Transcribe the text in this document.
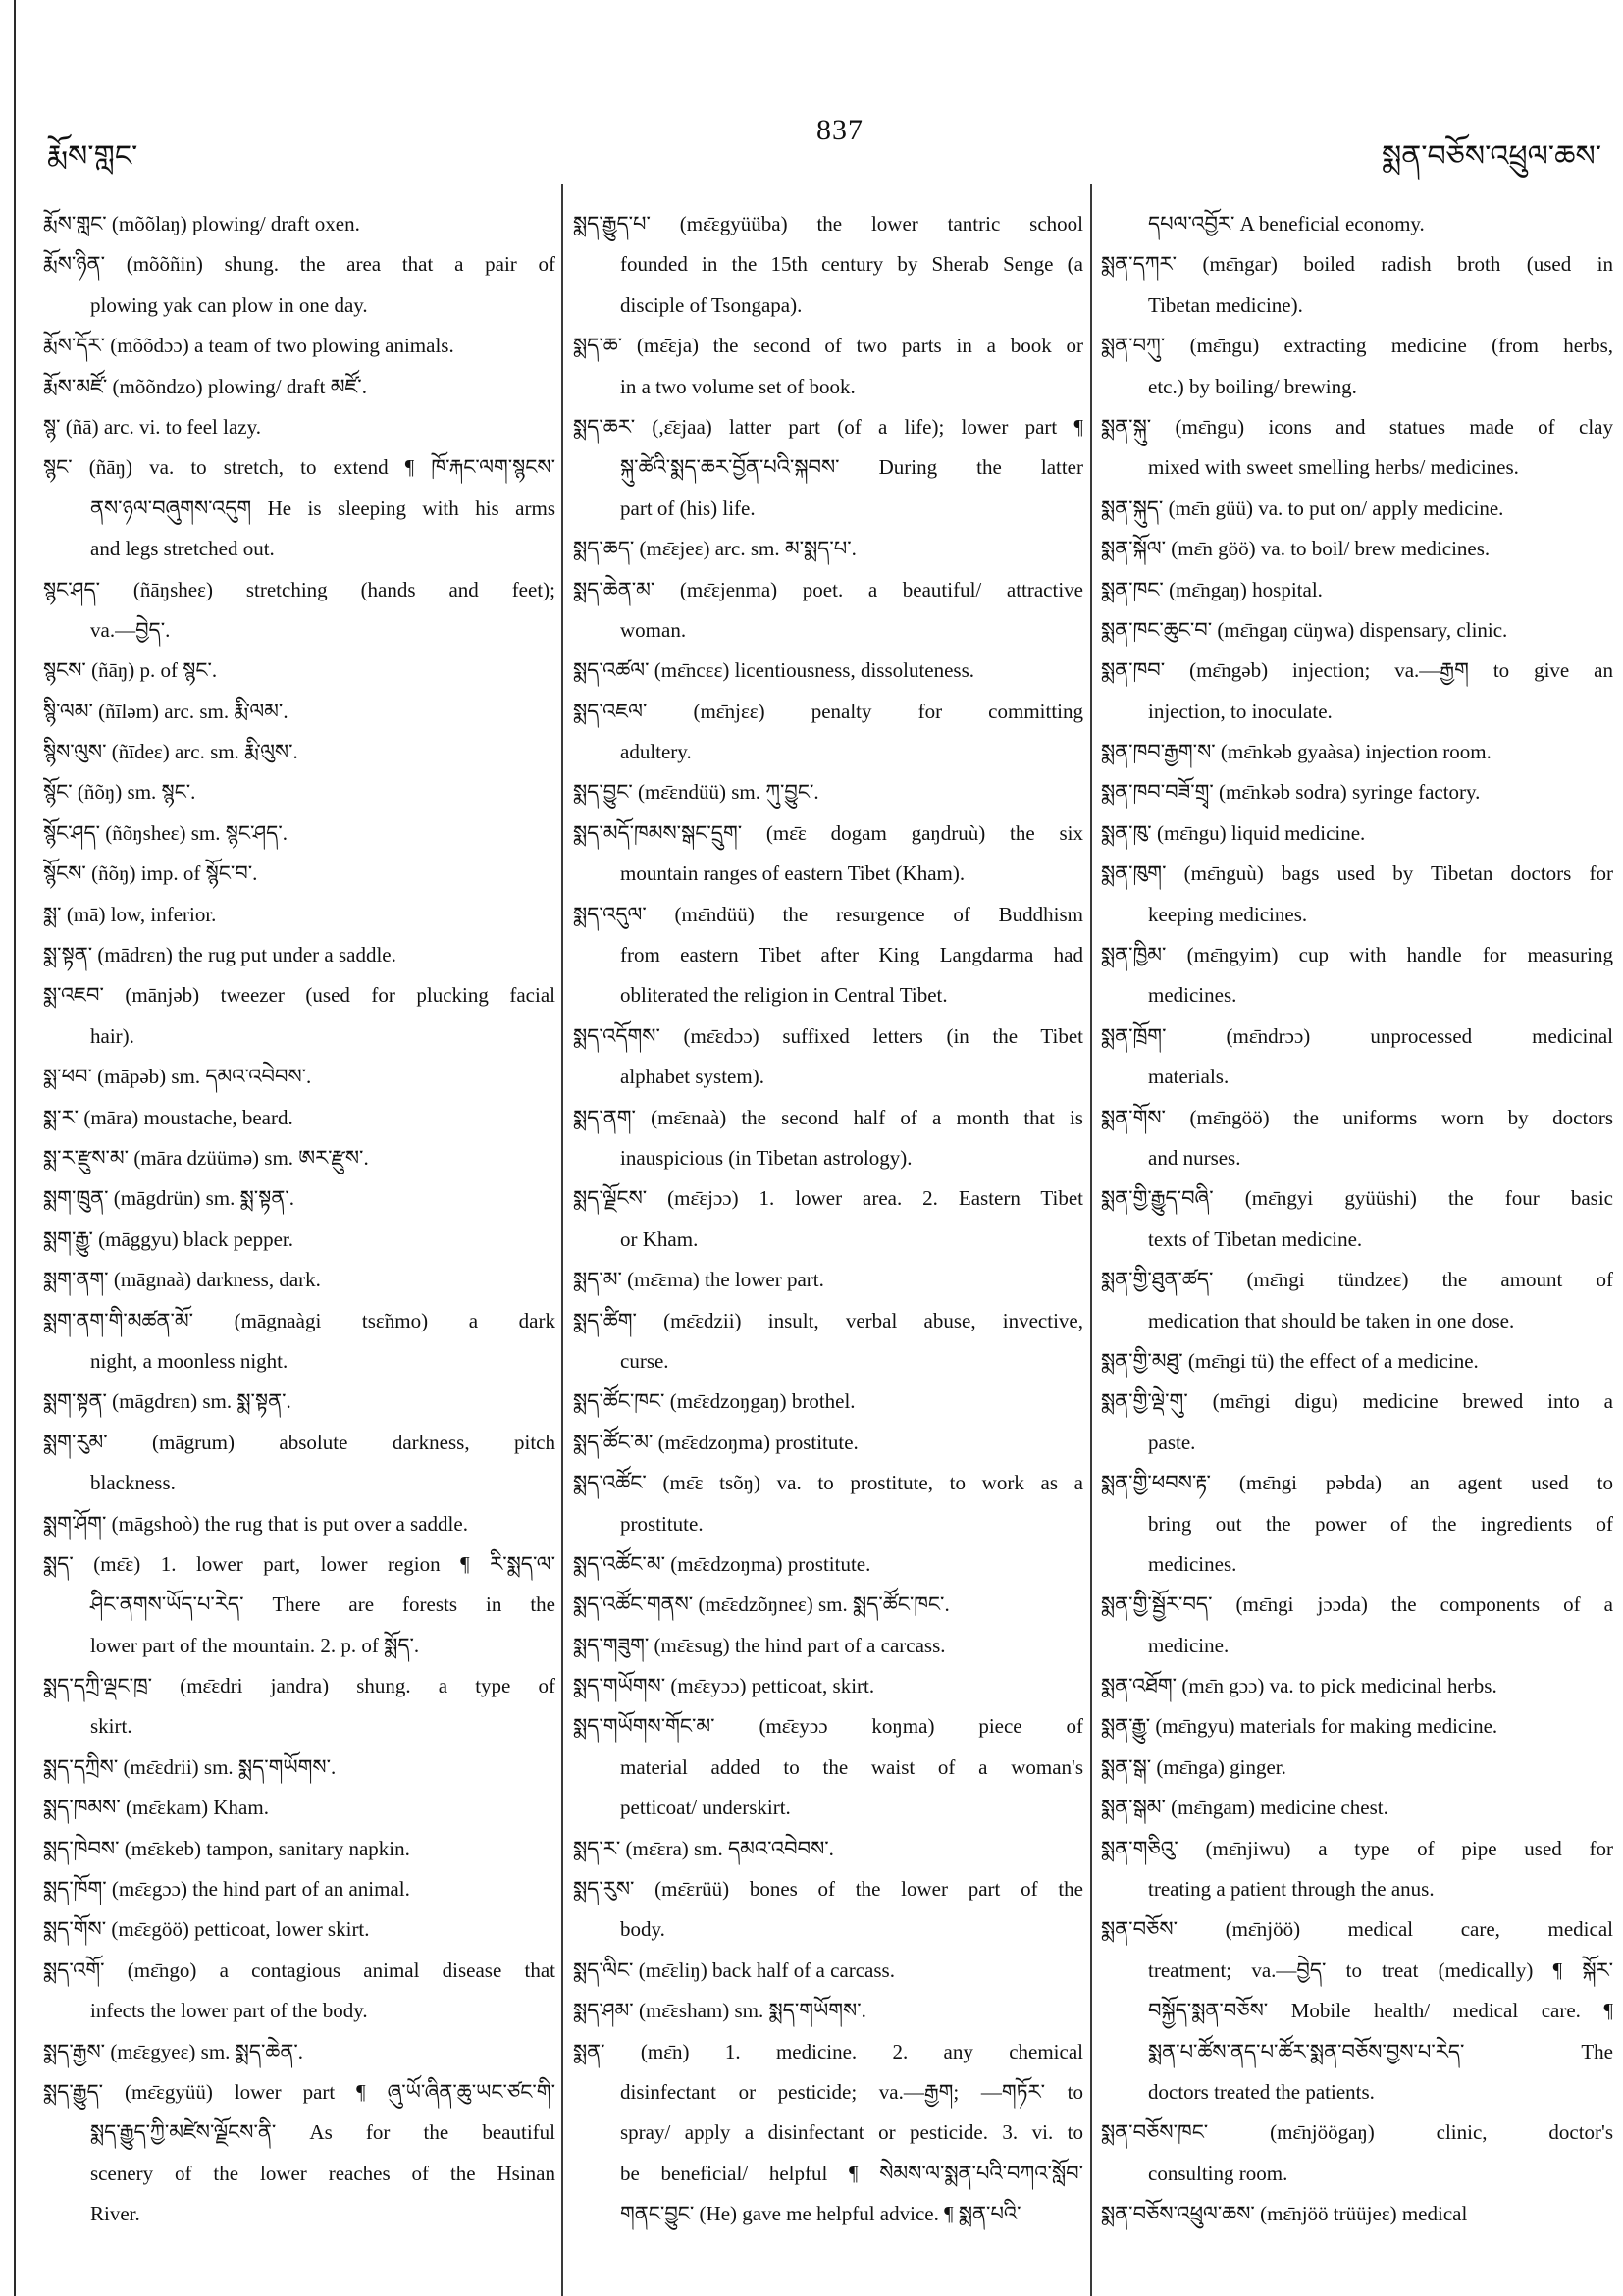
རྨོས་གླང་
837
སྨན་བཅོས་འཕྲུལ་ཆས་
རྨོས་གླང་ (mõõlaŋ) plowing/ draft oxen.
རྨོས་ཉིན་ (mõõñin) shung. the area that a pair of
plowing yak can plow in one day.
རྨོས་དོར་ (mõõdɔɔ) a team of two plowing animals.
རྨོས་མཛོ་ (mõõndzo) plowing/ draft མཛོ་.
སྙ་ (ñā) arc. vi. to feel lazy.
སྙང་ (ñāŋ) va. to stretch, to extend ¶ ཁོ་རྐང་ལག་སྙངས་
ནས་ཉལ་བཞུགས་འདུག He is sleeping with his arms
and legs stretched out.
སྙང་ཤད་ (ñāŋsheɛ) stretching (hands and feet);
va.—བྱེད་.
སྙངས་ (ñāŋ) p. of སྙང་.
སྙི་ལམ་ (ñīləm) arc. sm. རྨི་ལམ་.
སྙིས་ལུས་ (ñīdeɛ) arc. sm. རྨི་ལུས་.
སྙོང་ (ñõŋ) sm. སྙང་.
སྙོང་ཤད་ (ñõŋsheɛ) sm. སྙང་ཤད་.
སྙོངས་ (ñõŋ) imp. of སྙོང་བ་.
སྨ་ (mā) low, inferior.
སྨ་སྟན་ (mādrɛn) the rug put under a saddle.
སྨ་འཇབ་ (mānjəb) tweezer (used for plucking facial
hair).
སྨ་ཕབ་ (māpəb) sm. དམའ་འབེབས་.
སྨ་ར་ (māra) moustache, beard.
སྨ་ར་རྫུས་མ་ (māra dzüümə) sm. ཨར་རྫུས་.
སྨག་ཁྲུན་ (māgdrün) sm. སྨ་སྟན་.
སྨག་རྒྱུ་ (māggyu) black pepper.
སྨག་ནག་ (māgnaà) darkness, dark.
སྨག་ནག་གི་མཚན་མོ་ (māgnaàgi tsɛ̃nmo) a dark
night, a moonless night.
སྨག་སྟན་ (māgdrɛn) sm. སྨ་སྟན་.
སྨག་རུམ་ (māgrum) absolute darkness, pitch
blackness.
སྨག་ཤོག་ (māgshoò) the rug that is put over a saddle.
སྨད་ (mɛ̄ɛ) 1. lower part, lower region ¶ རི་སྨད་ལ་
ཤིང་ནགས་ཡོད་པ་རེད་ There are forests in the
lower part of the mountain. 2. p. of སྨོད་.
སྨད་དཀྲི་ལྡང་ཁྲ་ (mɛ̄ɛdri jandra) shung. a type of
skirt.
སྨད་དཀྲིས་ (mɛ̄ɛdrii) sm. སྨད་གཡོགས་.
སྨད་ཁམས་ (mɛ̄ɛkam) Kham.
སྨད་ཁེབས་ (mɛ̄ɛkeb) tampon, sanitary napkin.
སྨད་ཁོག་ (mɛ̄ɛgɔɔ) the hind part of an animal.
སྨད་གོས་ (mɛ̄ɛgöö) petticoat, lower skirt.
སྨད་འགོ་ (mɛ̄ngo) a contagious animal disease that
infects the lower part of the body.
སྨད་རྒྱས་ (mɛ̄ɛgyeɛ) sm. སྨད་ཆེན་.
སྨད་རྒྱུད་ (mɛ̄ɛgyüü) lower part ¶ ཞུ་ཡོ་ཞིན་ཆུ་ཡང་ཙང་གི་
སྨད་རྒྱུད་ཀྱི་མཛེས་ལྗོངས་ནི་ As for the beautiful
scenery of the lower reaches of the Hsinan
River.
སྨད་རྒྱུད་པ་ (mɛ̄ɛgyüüba) the lower tantric school
founded in the 15th century by Sherab Senge (a
disciple of Tsongapa).
སྨད་ཆ་ (mɛ̄ɛja) the second of two parts in a book or
in a two volume set of book.
སྨད་ཆར་ (,ɛ̄ɛjaa) latter part (of a life); lower part ¶
སྐུ་ཚེའི་སྨད་ཆར་བྱོན་པའི་སྐབས་ During the latter
part of (his) life.
སྨད་ཆད་ (mɛ̄ɛjeɛ) arc. sm. མ་སྨད་པ་.
སྨད་ཆེན་མ་ (mɛ̄ɛjenma) poet. a beautiful/ attractive
woman.
སྨད་འཚལ་ (mɛ̄ncɛɛ) licentiousness, dissoluteness.
སྨད་འཇལ་ (mɛ̄njɛɛ) penalty for committing
adultery.
སྨད་བྱུང་ (mɛ̄ɛndüü) sm. ཀུ་བྱུང་.
སྨད་མདོ་ཁམས་སྒང་དྲུག་ (mɛ̄ɛ dogam gaŋdruù) the six
mountain ranges of eastern Tibet (Kham).
སྨད་འདུལ་ (mɛ̄ndüü) the resurgence of Buddhism
from eastern Tibet after King Langdarma had
obliterated the religion in Central Tibet.
སྨད་འདོགས་ (mɛ̄ɛdɔɔ) suffixed letters (in the Tibet
alphabet system).
སྨད་ནག་ (mɛ̄ɛnaà) the second half of a month that is
inauspicious (in Tibetan astrology).
སྨད་ལྗོངས་ (mɛ̄ɛjɔɔ) 1. lower area. 2. Eastern Tibet
or Kham.
སྨད་མ་ (mɛ̄ɛma) the lower part.
སྨད་ཚིག་ (mɛ̄ɛdzii) insult, verbal abuse, invective,
curse.
སྨད་ཚོང་ཁང་ (mɛ̄ɛdzoŋgaŋ) brothel.
སྨད་ཚོང་མ་ (mɛ̄ɛdzoŋma) prostitute.
སྨད་འཚོང་ (mɛ̄ɛ tsõŋ) va. to prostitute, to work as a
prostitute.
སྨད་འཚོང་མ་ (mɛ̄ɛdzoŋma) prostitute.
སྨད་འཚོང་གནས་ (mɛ̄ɛdzõŋneɛ) sm. སྨད་ཚོང་ཁང་.
སྨད་གཟུག་ (mɛ̄ɛsug) the hind part of a carcass.
སྨད་གཡོགས་ (mɛ̄ɛyɔɔ) petticoat, skirt.
སྨད་གཡོགས་གོང་མ་ (mɛ̄ɛyɔɔ koŋma) piece of
material added to the waist of a woman's
petticoat/ underskirt.
སྨད་ར་ (mɛ̄ɛra) sm. དམའ་འབེབས་.
སྨད་རུས་ (mɛ̄ɛrüü) bones of the lower part of the
body.
སྨད་ལིང་ (mɛ̄ɛliŋ) back half of a carcass.
སྨད་ཤམ་ (mɛ̄ɛsham) sm. སྨད་གཡོགས་.
སྨན་ (mɛ̄n) 1. medicine. 2. any chemical
disinfectant or pesticide; va.—རྒྱག; —གཏོར་ to
spray/ apply a disinfectant or pesticide. 3. vi. to
be beneficial/ helpful ¶ སེམས་ལ་སྨན་པའི་བཀའ་སློབ་
གནང་བྱུང་ (He) gave me helpful advice. ¶ སྨན་པའི་
དཔལ་འབྱོར་ A beneficial economy.
སྨན་དཀར་ (mɛ̄ngar) boiled radish broth (used in
Tibetan medicine).
སྨན་བཀུ་ (mɛ̄ngu) extracting medicine (from herbs,
etc.) by boiling/ brewing.
སྨན་སྐུ་ (mɛ̄ngu) icons and statues made of clay
mixed with sweet smelling herbs/ medicines.
སྨན་སྐུད་ (mɛ̄n güü) va. to put on/ apply medicine.
སྨན་སྐོལ་ (mɛ̄n göö) va. to boil/ brew medicines.
སྨན་ཁང་ (mɛ̄ngaŋ) hospital.
སྨན་ཁང་ཆུང་བ་ (mɛ̄ngaŋ cüŋwa) dispensary, clinic.
སྨན་ཁབ་ (mɛ̄ngəb) injection; va.—རྒྱག to give an
injection, to inoculate.
སྨན་ཁབ་རྒྱག་ས་ (mɛ̄nkəb gyaàsa) injection room.
སྨན་ཁབ་བཟོ་གྲྭ་ (mɛ̄nkəb sodra) syringe factory.
སྨན་ཁུ་ (mɛ̄ngu) liquid medicine.
སྨན་ཁུག་ (mɛ̄nguù) bags used by Tibetan doctors for
keeping medicines.
སྨན་ཁྱིམ་ (mɛ̄ngyim) cup with handle for measuring
medicines.
སྨན་ཁྲོག་ (mɛ̄ndrɔɔ) unprocessed medicinal
materials.
སྨན་གོས་ (mɛ̄ngöö) the uniforms worn by doctors
and nurses.
སྨན་གྱི་རྒྱུད་བཞི་ (mɛ̄ngyi gyüüshi) the four basic
texts of Tibetan medicine.
སྨན་གྱི་ཐུན་ཚད་ (mɛ̄ngi tündzeɛ) the amount of
medication that should be taken in one dose.
སྨན་གྱི་མཐུ་ (mɛ̄ngi tü) the effect of a medicine.
སྨན་གྱི་ལྡེ་གུ་ (mɛ̄ngi digu) medicine brewed into a
paste.
སྨན་གྱི་ཕབས་རྟ་ (mɛ̄ngi pəbda) an agent used to
bring out the power of the ingredients of
medicines.
སྨན་གྱི་སྦྱོར་བད་ (mɛ̄ngi jɔɔda) the components of a
medicine.
སྨན་འཐོག་ (mɛ̄n gɔɔ) va. to pick medicinal herbs.
སྨན་རྒྱུ་ (mɛ̄ngyu) materials for making medicine.
སྨན་སྒ་ (mɛ̄nga) ginger.
སྨན་སྒམ་ (mɛ̄ngam) medicine chest.
སྨན་གཅིའུ་ (mɛ̄njiwu) a type of pipe used for
treating a patient through the anus.
སྨན་བཅོས་ (mɛ̄njöö) medical care, medical
treatment; va.—བྱེད་ to treat (medically) ¶ སྐོར་
བསྐྱོད་སྨན་བཅོས་ Mobile health/ medical care. ¶
སྨན་པ་ཚོས་ནད་པ་ཚོར་སྨན་བཅོས་བྱས་པ་རེད་ The
doctors treated the patients.
སྨན་བཅོས་ཁང་ (mɛ̄njöögaŋ) clinic, doctor's
consulting room.
སྨན་བཅོས་འཕྲུལ་ཆས་ (mɛ̄njöö trüüjeɛ) medical
